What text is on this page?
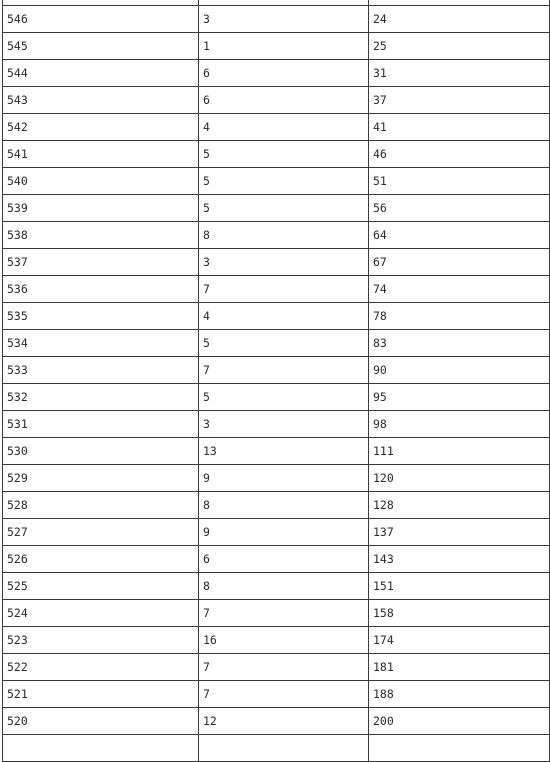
546	3	24
545	1	25
544	6	31
543	6	37
542	4	41
541	5	46
540	5	51
539	5	56
538	8	64
537	3	67
536	7	74
535	4	78
534	5	83
533	7	90
532	5	95
531	3	98
530	13	111
529	9	120
528	8	128
527	9	137
526	6	143
525	8	151
524	7	158
523	16	174
522	7	181
521	7	188
520	12	200
